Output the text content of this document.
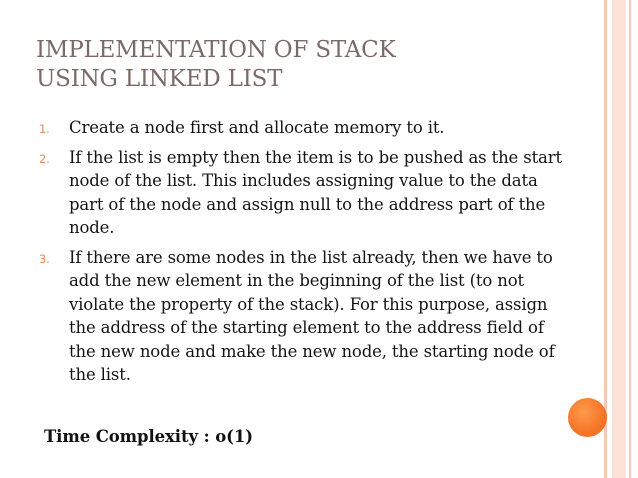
IMPLEMENTATION OF STACK
USING LINKED LIST
1. Create a node first and allocate memory to it.
2. If the list is empty then the item is to be pushed as the start node of the list. This includes assigning value to the data part of the node and assign null to the address part of the node.
3. If there are some nodes in the list already, then we have to add the new element in the beginning of the list (to not violate the property of the stack). For this purpose, assign the address of the starting element to the address field of the new node and make the new node, the starting node of the list.

Time Complexity : o(1)
